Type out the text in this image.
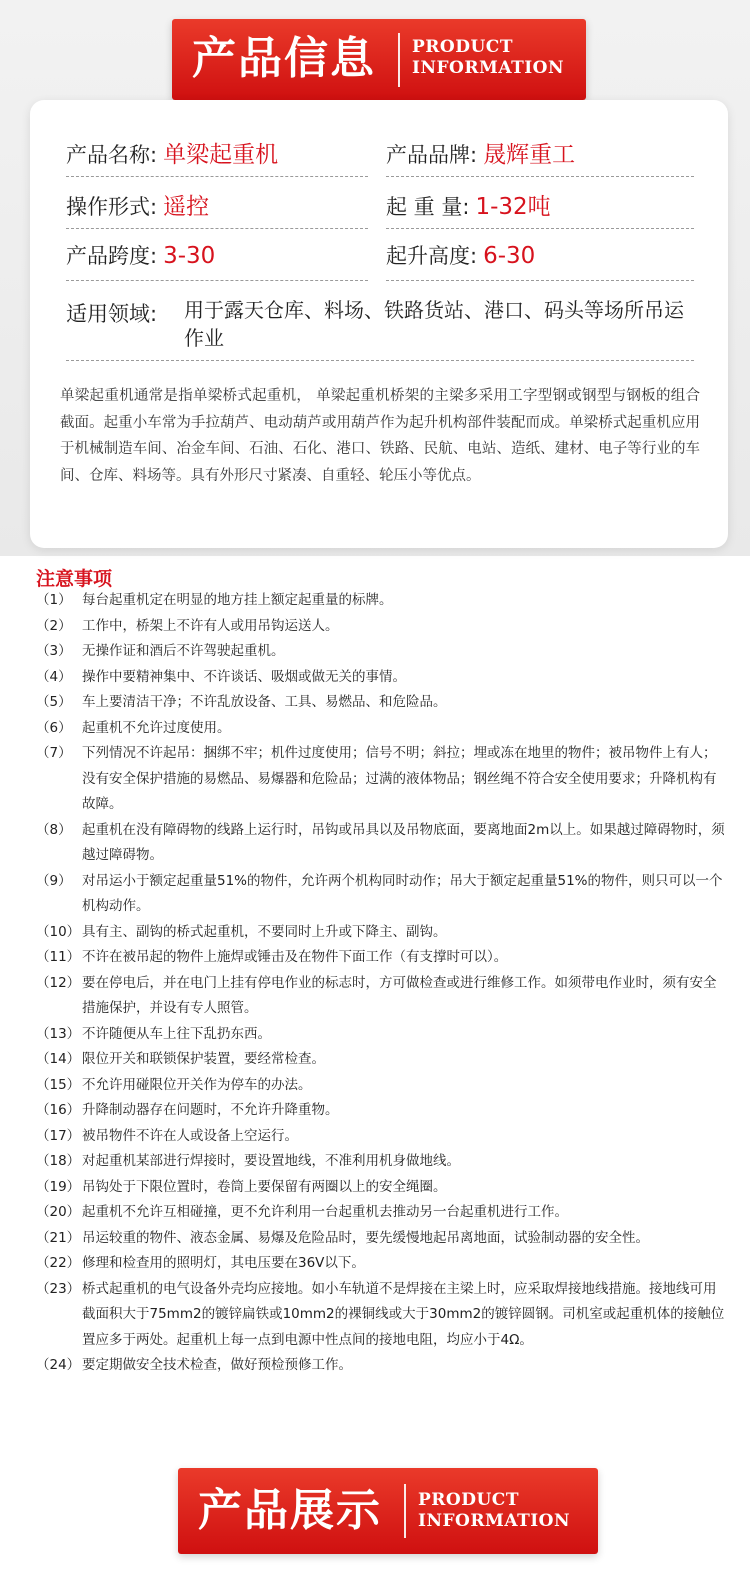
产品信息 PRODUCT
INFORMATION
产品名称: 单梁起重机	产品品牌: 晟辉重工
操作形式: 遥控	起 重 量: 1-32吨
产品跨度: 3-30	起升高度: 6-30
适用领域: 用于露天仓库、料场、铁路货站、港口、码头等场所吊运作业
单梁起重机通常是指单梁桥式起重机， 单梁起重机桥架的主梁多采用工字型钢或钢型与钢板的组合截面。起重小车常为手拉葫芦、电动葫芦或用葫芦作为起升机构部件装配而成。单梁桥式起重机应用于机械制造车间、冶金车间、石油、石化、港口、铁路、民航、电站、造纸、建材、电子等行业的车间、仓库、料场等。具有外形尺寸紧凑、自重轻、轮压小等优点。
注意事项
（1） 每台起重机定在明显的地方挂上额定起重量的标牌。
（2） 工作中，桥架上不许有人或用吊钩运送人。
（3） 无操作证和酒后不许驾驶起重机。
（4） 操作中要精神集中、不许谈话、吸烟或做无关的事情。
（5） 车上要清洁干净；不许乱放设备、工具、易燃品、和危险品。
（6） 起重机不允许过度使用。
（7） 下列情况不许起吊：捆绑不牢；机件过度使用；信号不明；斜拉；埋或冻在地里的物件；被吊物件上有人；没有安全保护措施的易燃品、易爆器和危险品；过满的液体物品；钢丝绳不符合安全使用要求；升降机构有故障。
（8） 起重机在没有障碍物的线路上运行时，吊钩或吊具以及吊物底面，要离地面2m以上。如果越过障碍物时，须越过障碍物。
（9） 对吊运小于额定起重量51%的物件，允许两个机构同时动作；吊大于额定起重量51%的物件，则只可以一个机构动作。
（10） 具有主、副钩的桥式起重机，不要同时上升或下降主、副钩。
（11） 不许在被吊起的物件上施焊或锤击及在物件下面工作（有支撑时可以）。
（12） 要在停电后，并在电门上挂有停电作业的标志时，方可做检查或进行维修工作。如须带电作业时，须有安全措施保护，并设有专人照管。
（13） 不许随便从车上往下乱扔东西。
（14） 限位开关和联锁保护装置，要经常检查。
（15） 不允许用碰限位开关作为停车的办法。
（16） 升降制动器存在问题时，不允许升降重物。
（17） 被吊物件不许在人或设备上空运行。
（18） 对起重机某部进行焊接时，要设置地线，不准利用机身做地线。
（19） 吊钩处于下限位置时，卷筒上要保留有两圈以上的安全绳圈。
（20） 起重机不允许互相碰撞，更不允许利用一台起重机去推动另一台起重机进行工作。
（21） 吊运较重的物件、液态金属、易爆及危险品时，要先缓慢地起吊离地面，试验制动器的安全性。
（22） 修理和检查用的照明灯，其电压要在36V以下。
（23） 桥式起重机的电气设备外壳均应接地。如小车轨道不是焊接在主梁上时，应采取焊接地线措施。接地线可用截面积大于75mm2的镀锌扁铁或10mm2的裸铜线或大于30mm2的镀锌圆钢。司机室或起重机体的接触位置应多于两处。起重机上每一点到电源中性点间的接地电阻，均应小于4Ω。
（24） 要定期做安全技术检查，做好预检预修工作。
产品展示 PRODUCT
INFORMATION
